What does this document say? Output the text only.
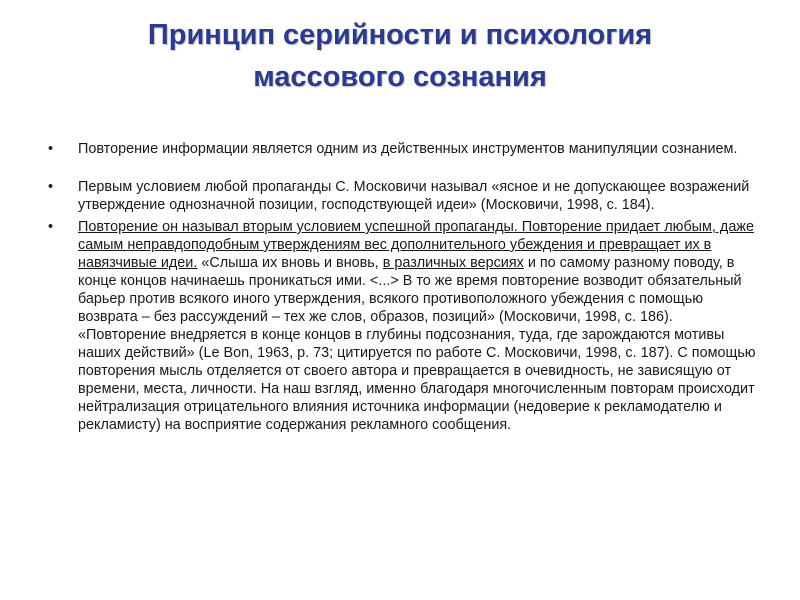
Принцип серийности и психология
массового сознания
• Повторение информации является одним из действенных инструментов манипуляции сознанием.
• Первым условием любой пропаганды С. Московичи называл «ясное и не допускающее возражений утверждение однозначной позиции, господствующей идеи» (Московичи, 1998, с. 184).
• Повторение он называл вторым условием успешной пропаганды. Повторение придает любым, даже самым неправдоподобным утверждениям вес дополнительного убеждения и превращает их в навязчивые идеи. «Слыша их вновь и вновь, в различных версиях и по самому разному поводу, в конце концов начинаешь проникаться ими. <...> В то же время повторение возводит обязательный барьер против всякого иного утверждения, всякого противоположного убеждения с помощью возврата – без рассуждений – тех же слов, образов, позиций» (Московичи, 1998, с. 186). «Повторение внедряется в конце концов в глубины подсознания, туда, где зарождаются мотивы наших действий» (Le Bon, 1963, p. 73; цитируется по работе С. Московичи, 1998, с. 187). С помощью повторения мысль отделяется от своего автора и превращается в очевидность, не зависящую от времени, места, личности. На наш взгляд, именно благодаря многочисленным повторам происходит нейтрализация отрицательного влияния источника информации (недоверие к рекламодателю и рекламисту) на восприятие содержания рекламного сообщения.
